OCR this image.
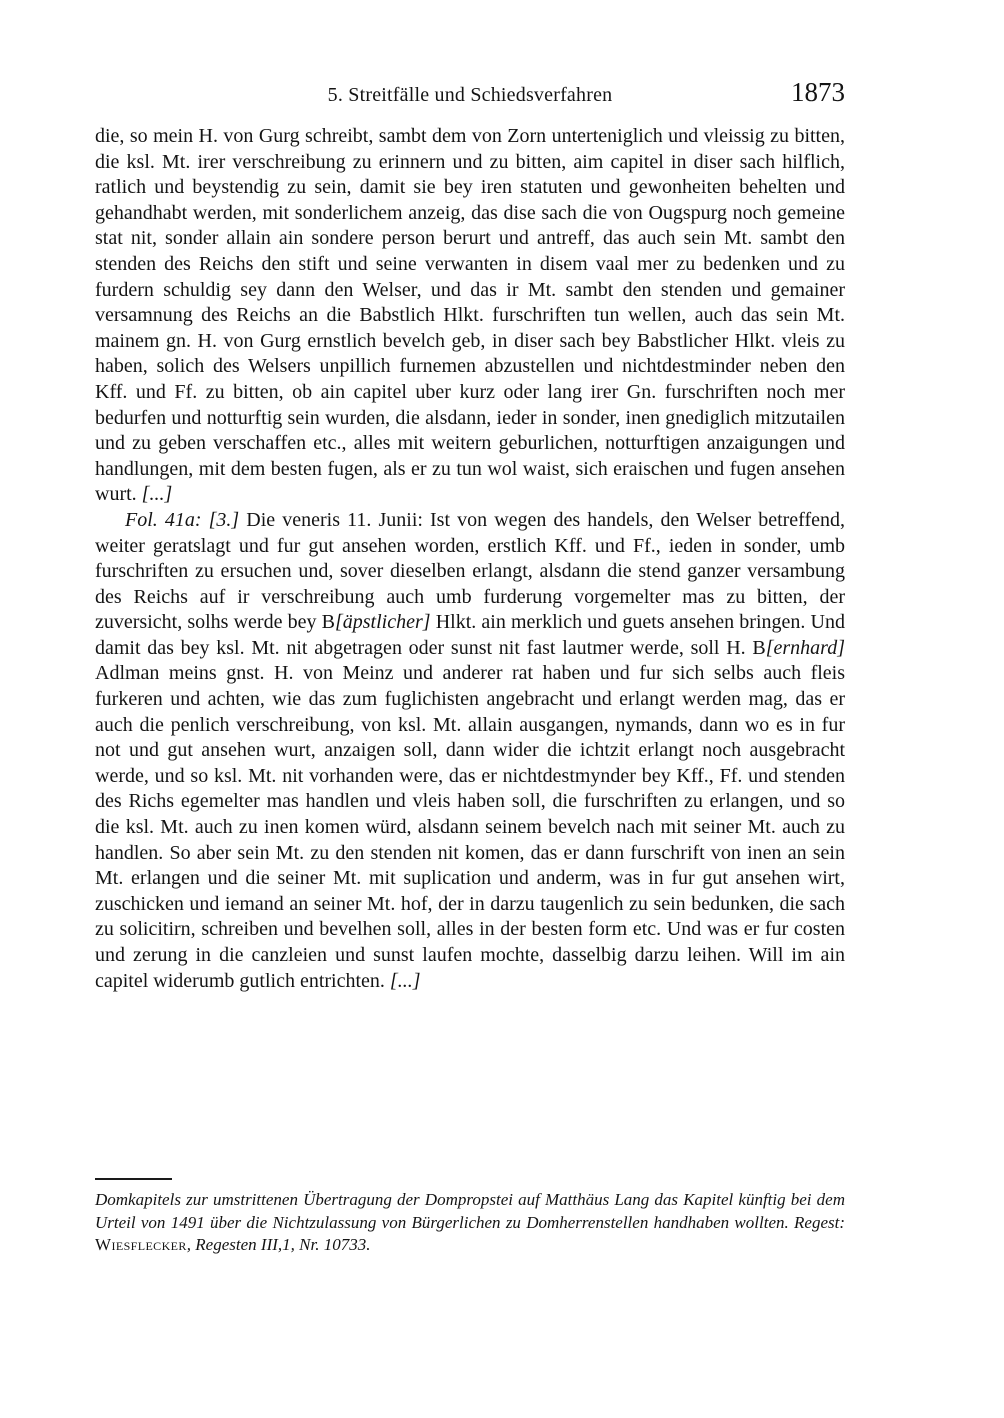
5. Streitfälle und Schiedsverfahren	1873

die, so mein H. von Gurg schreibt, sambt dem von Zorn unterteniglich und vleissig zu bitten, die ksl. Mt. irer verschreibung zu erinnern und zu bitten, aim capitel in diser sach hilflich, ratlich und beystendig zu sein, damit sie bey iren statuten und gewonheiten behelten und gehandhabt werden, mit sonderlichem anzeig, das dise sach die von Ougspurg noch gemeine stat nit, sonder allain ain sondere person berurt und antreff, das auch sein Mt. sambt den stenden des Reichs den stift und seine verwanten in disem vaal mer zu bedenken und zu furdern schuldig sey dann den Welser, und das ir Mt. sambt den stenden und gemainer versamnung des Reichs an die Babstlich Hlkt. furschriften tun wellen, auch das sein Mt. mainem gn. H. von Gurg ernstlich bevelch geb, in diser sach bey Babstlicher Hlkt. vleis zu haben, solich des Welsers unpillich furnemen abzustellen und nichtdestminder neben den Kff. und Ff. zu bitten, ob ain capitel uber kurz oder lang irer Gn. furschriften noch mer bedurfen und notturftig sein wurden, die alsdann, ieder in sonder, inen gnediglich mitzutailen und zu geben verschaffen etc., alles mit weitern geburlichen, notturftigen anzaigungen und handlungen, mit dem besten fugen, als er zu tun wol waist, sich eraischen und fugen ansehen wurt. [...]

Fol. 41a: [3.] Die veneris 11. Junii: Ist von wegen des handels, den Welser betreffend, weiter geratslagt und fur gut ansehen worden, erstlich Kff. und Ff., ieden in sonder, umb furschriften zu ersuchen und, sover dieselben erlangt, alsdann die stend ganzer versambung des Reichs auf ir verschreibung auch umb furderung vorgemelter mas zu bitten, der zuversicht, solhs werde bey B[äpstlicher] Hlkt. ain merklich und guets ansehen bringen. Und damit das bey ksl. Mt. nit abgetragen oder sunst nit fast lautmer werde, soll H. B[ernhard] Adlman meins gnst. H. von Meinz und anderer rat haben und fur sich selbs auch fleis furkeren und achten, wie das zum fuglichisten angebracht und erlangt werden mag, das er auch die penlich verschreibung, von ksl. Mt. allain ausgangen, nymands, dann wo es in fur not und gut ansehen wurt, anzaigen soll, dann wider die ichtzit erlangt noch ausgebracht werde, und so ksl. Mt. nit vorhanden were, das er nichtdestmynder bey Kff., Ff. und stenden des Richs egemelter mas handlen und vleis haben soll, die furschriften zu erlangen, und so die ksl. Mt. auch zu inen komen würd, alsdann seinem bevelch nach mit seiner Mt. auch zu handlen. So aber sein Mt. zu den stenden nit komen, das er dann furschrift von inen an sein Mt. erlangen und die seiner Mt. mit suplication und anderm, was in fur gut ansehen wirt, zuschicken und iemand an seiner Mt. hof, der in darzu taugenlich zu sein bedunken, die sach zu solicitirn, schreiben und bevelhen soll, alles in der besten form etc. Und was er fur costen und zerung in die canzleien und sunst laufen mochte, dasselbig darzu leihen. Will im ain capitel widerumb gutlich entrichten. [...]

Domkapitels zur umstrittenen Übertragung der Dompropstei auf Matthäus Lang das Kapitel künftig bei dem Urteil von 1491 über die Nichtzulassung von Bürgerlichen zu Domherrenstellen handhaben wollten. Regest: Wiesflecker, Regesten III,1, Nr. 10733.
